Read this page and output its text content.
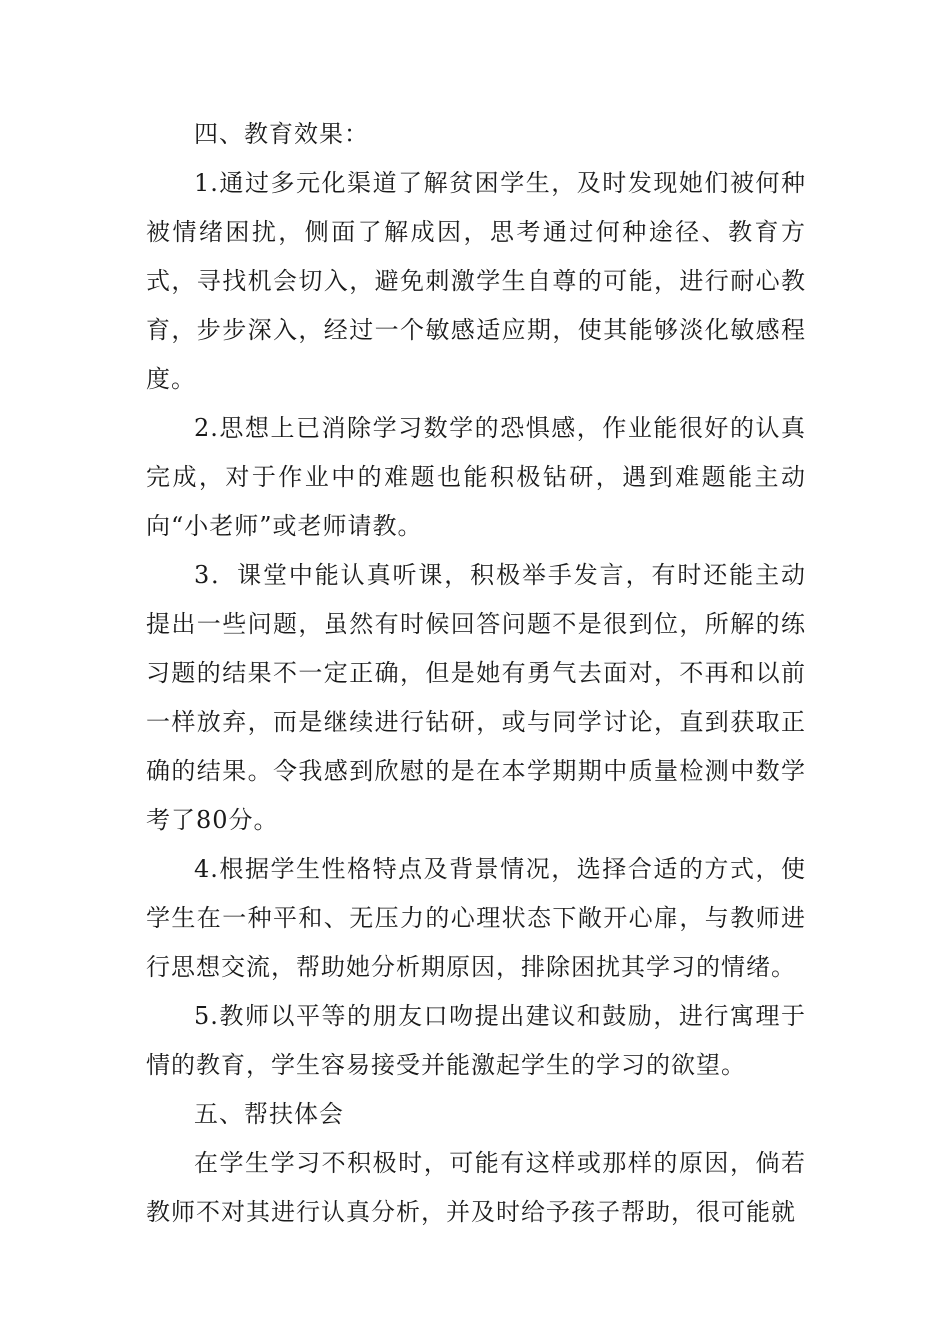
四、教育效果：

1.通过多元化渠道了解贫困学生，及时发现她们被何种被情绪困扰，侧面了解成因，思考通过何种途径、教育方式，寻找机会切入，避免刺激学生自尊的可能，进行耐心教育，步步深入，经过一个敏感适应期，使其能够淡化敏感程度。

2.思想上已消除学习数学的恐惧感，作业能很好的认真完成，对于作业中的难题也能积极钻研，遇到难题能主动向“小老师”或老师请教。

3．课堂中能认真听课，积极举手发言，有时还能主动提出一些问题，虽然有时候回答问题不是很到位，所解的练习题的结果不一定正确，但是她有勇气去面对，不再和以前一样放弃，而是继续进行钻研，或与同学讨论，直到获取正确的结果。令我感到欣慰的是在本学期期中质量检测中数学考了80分。

4.根据学生性格特点及背景情况，选择合适的方式，使学生在一种平和、无压力的心理状态下敞开心扉，与教师进行思想交流，帮助她分析期原因，排除困扰其学习的情绪。

5.教师以平等的朋友口吻提出建议和鼓励，进行寓理于情的教育，学生容易接受并能激起学生的学习的欲望。

五、帮扶体会

在学生学习不积极时，可能有这样或那样的原因，倘若教师不对其进行认真分析，并及时给予孩子帮助，很可能就
